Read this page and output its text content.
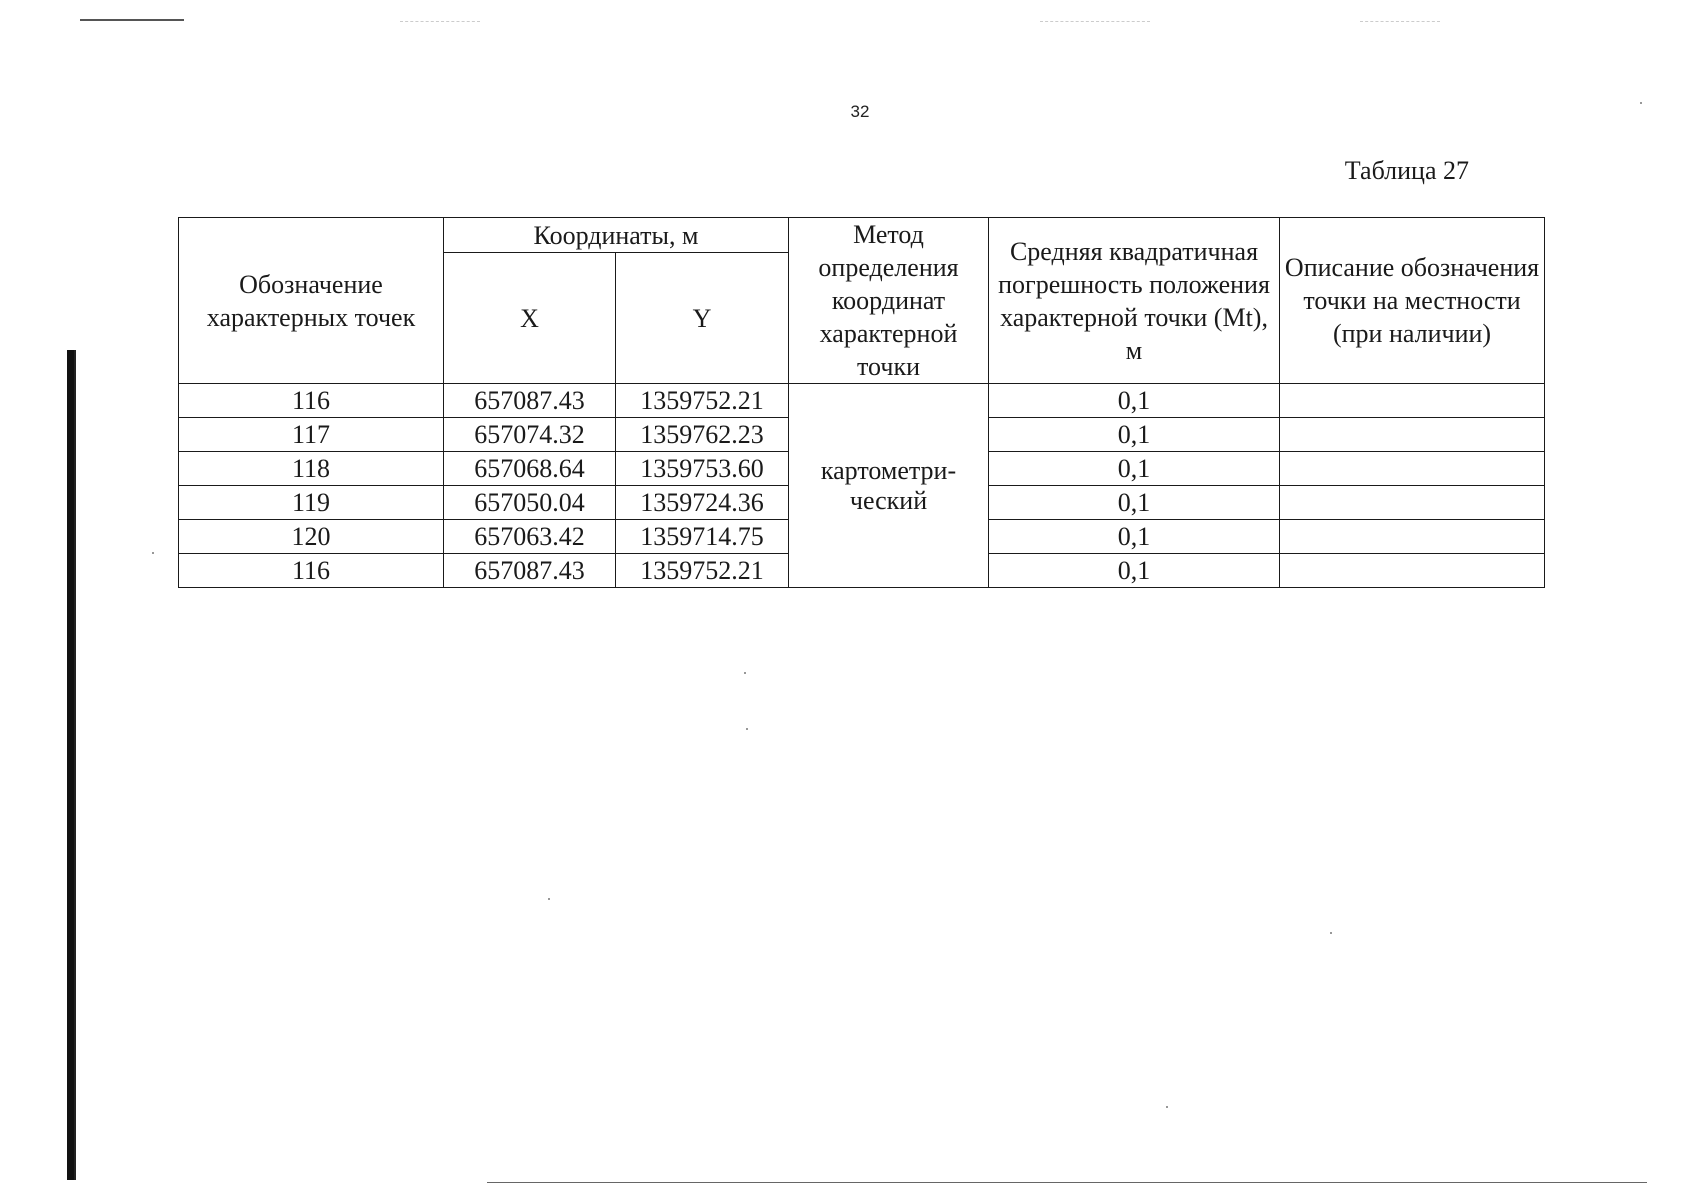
32
Таблица 27
Обозначение характерных точек	Координаты, м		Метод определения координат характерной точки	Средняя квадратичная погрешность положения характерной точки (Mt), м	Описание обозначения точки на местности (при наличии)
	X	Y			
116	657087.43	1359752.21	картометри-ческий	0,1	
117	657074.32	1359762.23		0,1	
118	657068.64	1359753.60		0,1	
119	657050.04	1359724.36		0,1	
120	657063.42	1359714.75		0,1	
116	657087.43	1359752.21		0,1	
